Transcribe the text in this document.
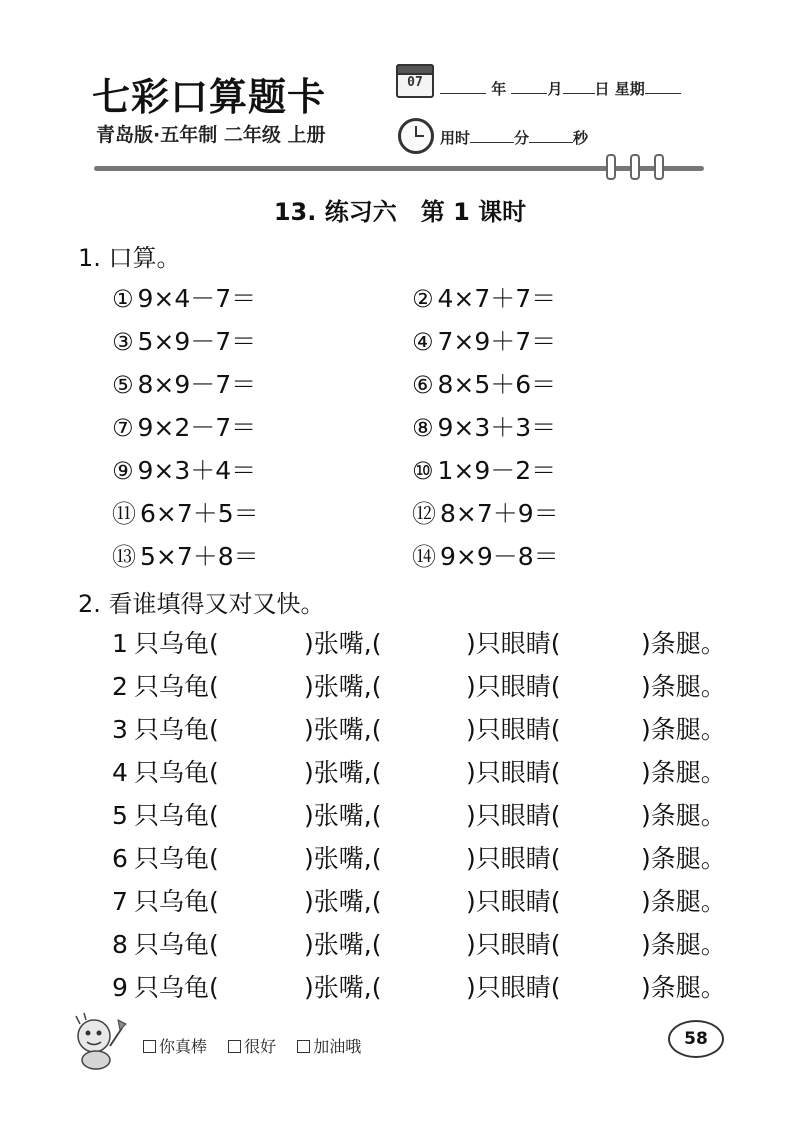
七彩口算题卡
青岛版·五年制 二年级 上册
07	年	月 日 星期
用时	分	秒
13. 练习六　第 1 课时
1. 口算。
① 9×4－7＝	② 4×7＋7＝
③ 5×9－7＝	④ 7×9＋7＝
⑤ 8×9－7＝	⑥ 8×5＋6＝
⑦ 9×2－7＝	⑧ 9×3＋3＝
⑨ 9×3＋4＝	⑩ 1×9－2＝
⑪ 6×7＋5＝	⑫ 8×7＋9＝
⑬ 5×7＋8＝	⑭ 9×9－8＝
2. 看谁填得又对又快。
1 只乌龟(	)张嘴,(	)只眼睛(	)条腿。
2 只乌龟(	)张嘴,(	)只眼睛(	)条腿。
3 只乌龟(	)张嘴,(	)只眼睛(	)条腿。
4 只乌龟(	)张嘴,(	)只眼睛(	)条腿。
5 只乌龟(	)张嘴,(	)只眼睛(	)条腿。
6 只乌龟(	)张嘴,(	)只眼睛(	)条腿。
7 只乌龟(	)张嘴,(	)只眼睛(	)条腿。
8 只乌龟(	)张嘴,(	)只眼睛(	)条腿。
9 只乌龟(	)张嘴,(	)只眼睛(	)条腿。
你真棒 很好 加油哦	58
